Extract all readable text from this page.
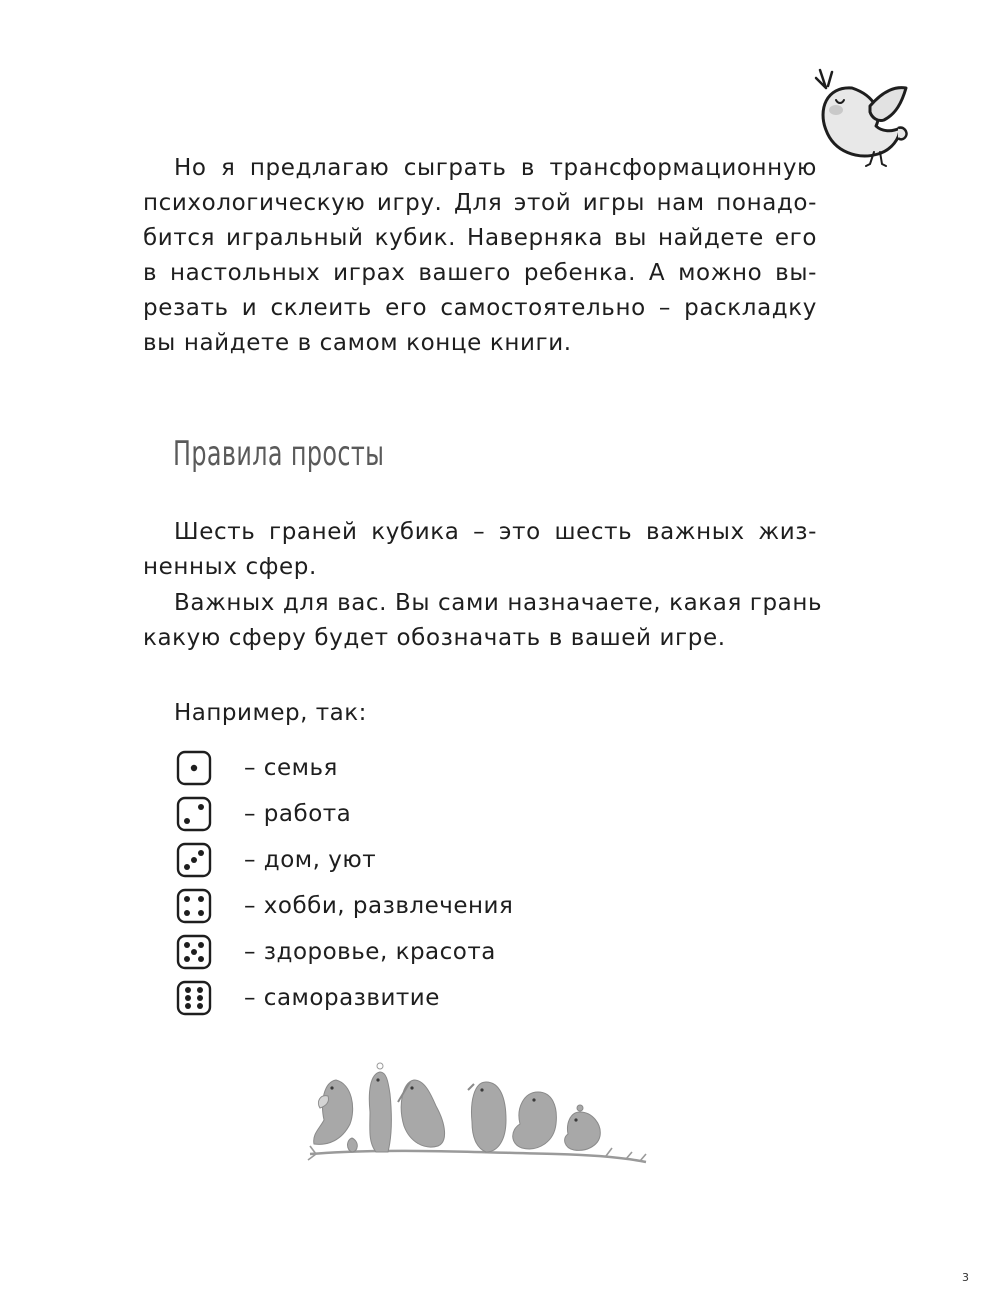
Но я предлагаю сыграть в трансформационную
психологическую игру. Для этой игры нам понадо-
бится игральный кубик. Наверняка вы найдете его
в настольных играх вашего ребенка. А можно вы-
резать и склеить его самостоятельно – раскладку
вы найдете в самом конце книги.

Правила просты

Шесть граней кубика – это шесть важных жиз-
ненных сфер.

Важных для вас. Вы сами назначаете, какая грань
какую сферу будет обозначать в вашей игре.

Например, так:
– семья
– работа
– дом, уют
– хобби, развлечения
– здоровье, красота
– саморазвитие
3
